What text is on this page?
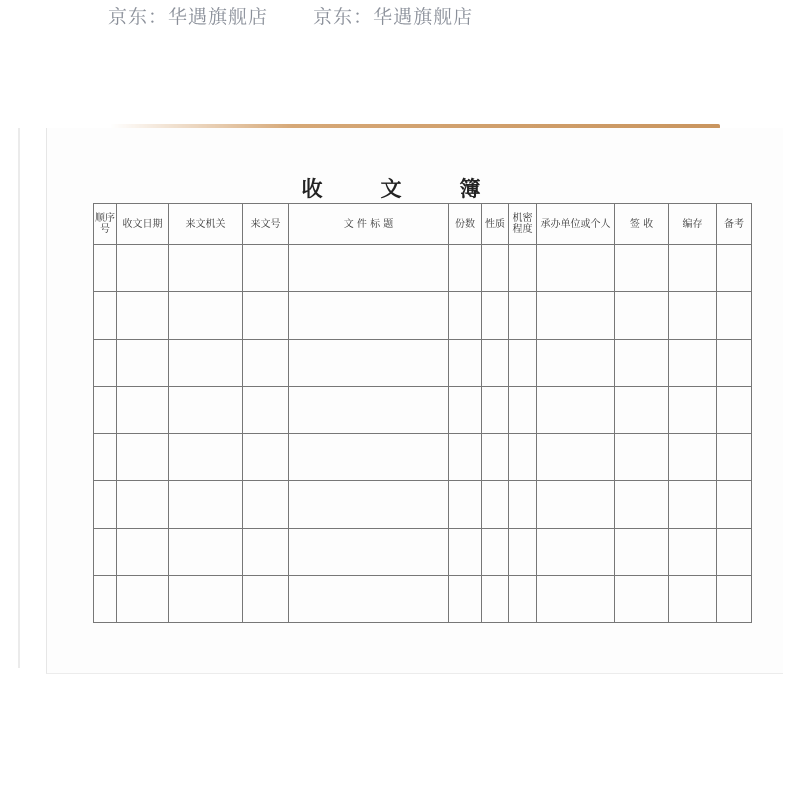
京东：华遇旗舰店 京东：华遇旗舰店
收文簿
顺序号	收文日期	来文机关	来文号	文 件 标 题	份数	性质	机密程度	承办单位或个人	签 收	编存	备考
